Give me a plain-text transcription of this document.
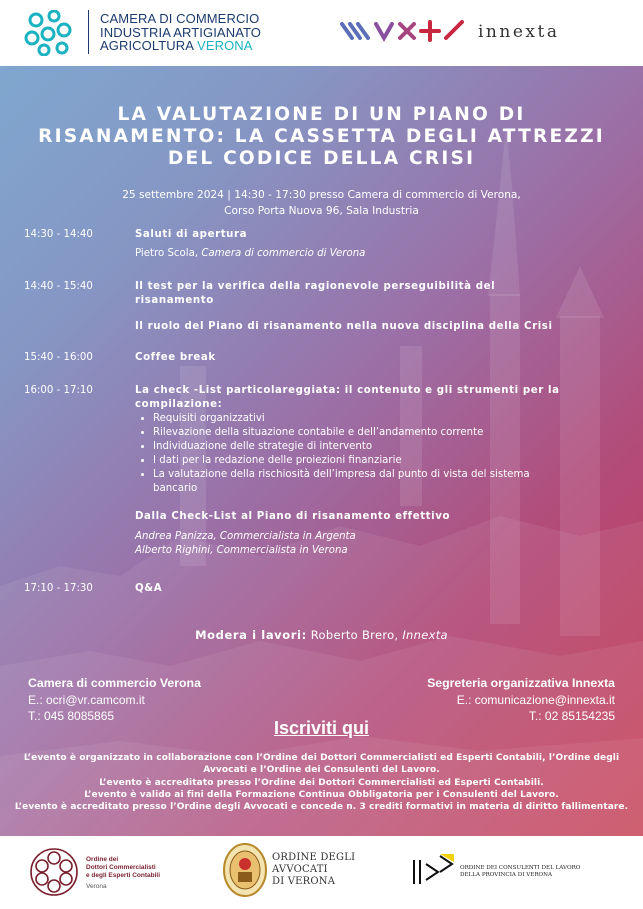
CAMERA DI COMMERCIO
INDUSTRIA ARTIGIANATO
AGRICOLTURA VERONA
innexta
LA VALUTAZIONE DI UN PIANO DI
RISANAMENTO: LA CASSETTA DEGLI ATTREZZI
DEL CODICE DELLA CRISI
25 settembre 2024 | 14:30 - 17:30 presso Camera di commercio di Verona,
Corso Porta Nuova 96, Sala Industria
14:30 - 14:40	Saluti di apertura
Pietro Scola, Camera di commercio di Verona
14:40 - 15:40	Il test per la verifica della ragionevole perseguibilità del risanamento
Il ruolo del Piano di risanamento nella nuova disciplina della Crisi
15:40 - 16:00	Coffee break
16:00 - 17:10	La check -List particolareggiata: il contenuto e gli strumenti per la compilazione:
• Requisiti organizzativi
• Rilevazione della situazione contabile e dell’andamento corrente
• Individuazione delle strategie di intervento
• I dati per la redazione delle proiezioni finanziarie
• La valutazione della rischiosità dell’impresa dal punto di vista del sistema bancario
Dalla Check-List al Piano di risanamento effettivo
Andrea Panizza, Commercialista in Argenta
Alberto Righini, Commercialista in Verona
17:10 - 17:30	Q&A
Modera i lavori: Roberto Brero, Innexta
Camera di commercio Verona
E.: ocri@vr.camcom.it
T.: 045 8085865
Segreteria organizzativa Innexta
E.: comunicazione@innexta.it
T.: 02 85154235
Iscriviti qui
L’evento è organizzato in collaborazione con l’Ordine dei Dottori Commercialisti ed Esperti Contabili, l’Ordine degli Avvocati e l’Ordine dei Consulenti del Lavoro.
L’evento è accreditato presso l’Ordine dei Dottori Commercialisti ed Esperti Contabili.
L’evento è valido ai fini della Formazione Continua Obbligatoria per i Consulenti del Lavoro.
L’evento è accreditato presso l’Ordine degli Avvocati e concede n. 3 crediti formativi in materia di diritto fallimentare.
Ordine dei
Dottori Commercialisti
e degli Esperti Contabili
Verona
ORDINE DEGLI
AVVOCATI
DI VERONA
ORDINE DEI CONSULENTI DEL LAVORO
DELLA PROVINCIA DI VERONA
